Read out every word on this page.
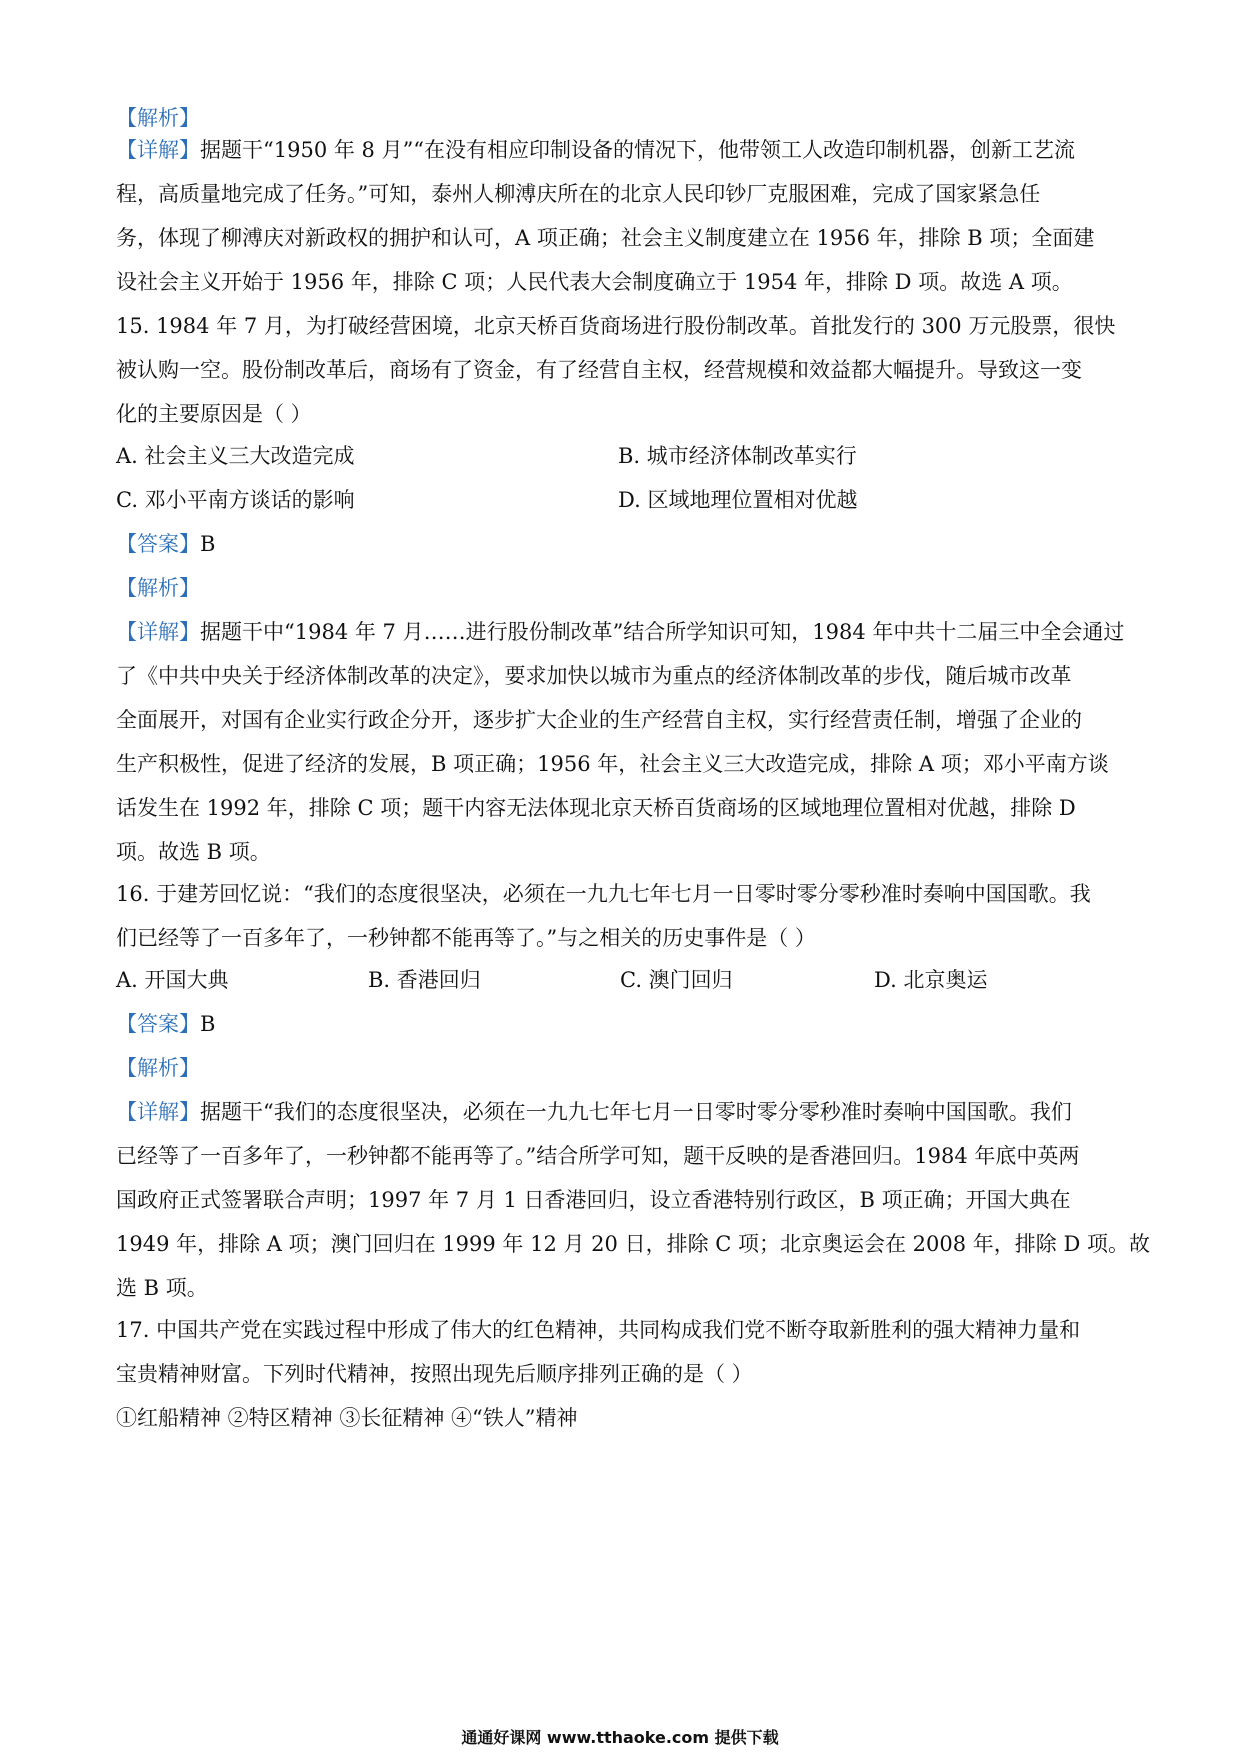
【解析】
【详解】据题干“1950 年 8 月”“在没有相应印制设备的情况下，他带领工人改造印制机器，创新工艺流
程，高质量地完成了任务。”可知，泰州人柳溥庆所在的北京人民印钞厂克服困难，完成了国家紧急任
务，体现了柳溥庆对新政权的拥护和认可，A 项正确；社会主义制度建立在 1956 年，排除 B 项；全面建
设社会主义开始于 1956 年，排除 C 项；人民代表大会制度确立于 1954 年，排除 D 项。故选 A 项。
15. 1984 年 7 月，为打破经营困境，北京天桥百货商场进行股份制改革。首批发行的 300 万元股票，很快
被认购一空。股份制改革后，商场有了资金，有了经营自主权，经营规模和效益都大幅提升。导致这一变
化的主要原因是（ ）
A. 社会主义三大改造完成	B. 城市经济体制改革实行
C. 邓小平南方谈话的影响	D. 区域地理位置相对优越
【答案】B
【解析】
【详解】据题干中“1984 年 7 月……进行股份制改革”结合所学知识可知，1984 年中共十二届三中全会通过
了《中共中央关于经济体制改革的决定》，要求加快以城市为重点的经济体制改革的步伐，随后城市改革
全面展开，对国有企业实行政企分开，逐步扩大企业的生产经营自主权，实行经营责任制，增强了企业的
生产积极性，促进了经济的发展，B 项正确；1956 年，社会主义三大改造完成，排除 A 项；邓小平南方谈
话发生在 1992 年，排除 C 项；题干内容无法体现北京天桥百货商场的区域地理位置相对优越，排除 D
项。故选 B 项。
16. 于建芳回忆说：“我们的态度很坚决，必须在一九九七年七月一日零时零分零秒准时奏响中国国歌。我
们已经等了一百多年了，一秒钟都不能再等了。”与之相关的历史事件是（ ）
A. 开国大典	B. 香港回归	C. 澳门回归	D. 北京奥运
【答案】B
【解析】
【详解】据题干“我们的态度很坚决，必须在一九九七年七月一日零时零分零秒准时奏响中国国歌。我们
已经等了一百多年了，一秒钟都不能再等了。”结合所学可知，题干反映的是香港回归。1984 年底中英两
国政府正式签署联合声明；1997 年 7 月 1 日香港回归，设立香港特别行政区，B 项正确；开国大典在
1949 年，排除 A 项；澳门回归在 1999 年 12 月 20 日，排除 C 项；北京奥运会在 2008 年，排除 D 项。故
选 B 项。
17. 中国共产党在实践过程中形成了伟大的红色精神，共同构成我们党不断夺取新胜利的强大精神力量和
宝贵精神财富。下列时代精神，按照出现先后顺序排列正确的是（ ）
①红船精神 ②特区精神 ③长征精神 ④“铁人”精神
通通好课网 www.tthaoke.com 提供下载
